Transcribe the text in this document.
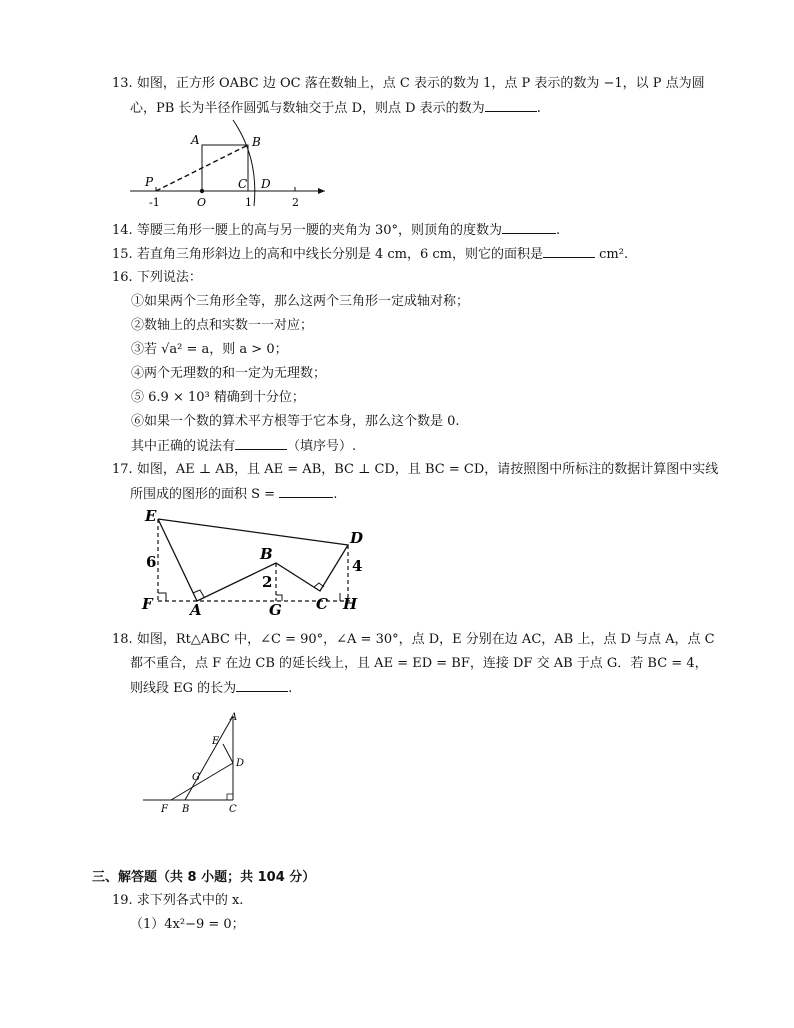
13. 如图，正方形 OABC 边 OC 落在数轴上，点 C 表示的数为 1，点 P 表示的数为 −1，以 P 点为圆
心，PB 长为半径作圆弧与数轴交于点 D，则点 D 表示的数为	.
A	B
C D
P
O
-1	1	2
14. 等腰三角形一腰上的高与另一腰的夹角为 30°，则顶角的度数为	.
15. 若直角三角形斜边上的高和中线长分别是 4 cm，6 cm，则它的面积是	cm².
16. 下列说法：
①如果两个三角形全等，那么这两个三角形一定成轴对称；
②数轴上的点和实数一一对应；
③若 √a² = a，则 a > 0；
④两个无理数的和一定为无理数；
⑤ 6.9 × 10³ 精确到十分位；
⑥如果一个数的算术平方根等于它本身，那么这个数是 0.
其中正确的说法有	（填序号）.
17. 如图，AE ⊥ AB，且 AE = AB，BC ⊥ CD，且 BC = CD，请按照图中所标注的数据计算图中实线
所围成的图形的面积 S =	.
E
D
B
F A	G C H
6	4
2
18. 如图，Rt△ABC 中，∠C = 90°，∠A = 30°，点 D，E 分别在边 AC，AB 上，点 D 与点 A，点 C
都不重合，点 F 在边 CB 的延长线上，且 AE = ED = BF，连接 DF 交 AB 于点 G．若 BC = 4，
则线段 EG 的长为	.
A
E
D
G
F B	C
三、解答题（共 8 小题；共 104 分）
19. 求下列各式中的 x.
（1）4x²−9 = 0；
